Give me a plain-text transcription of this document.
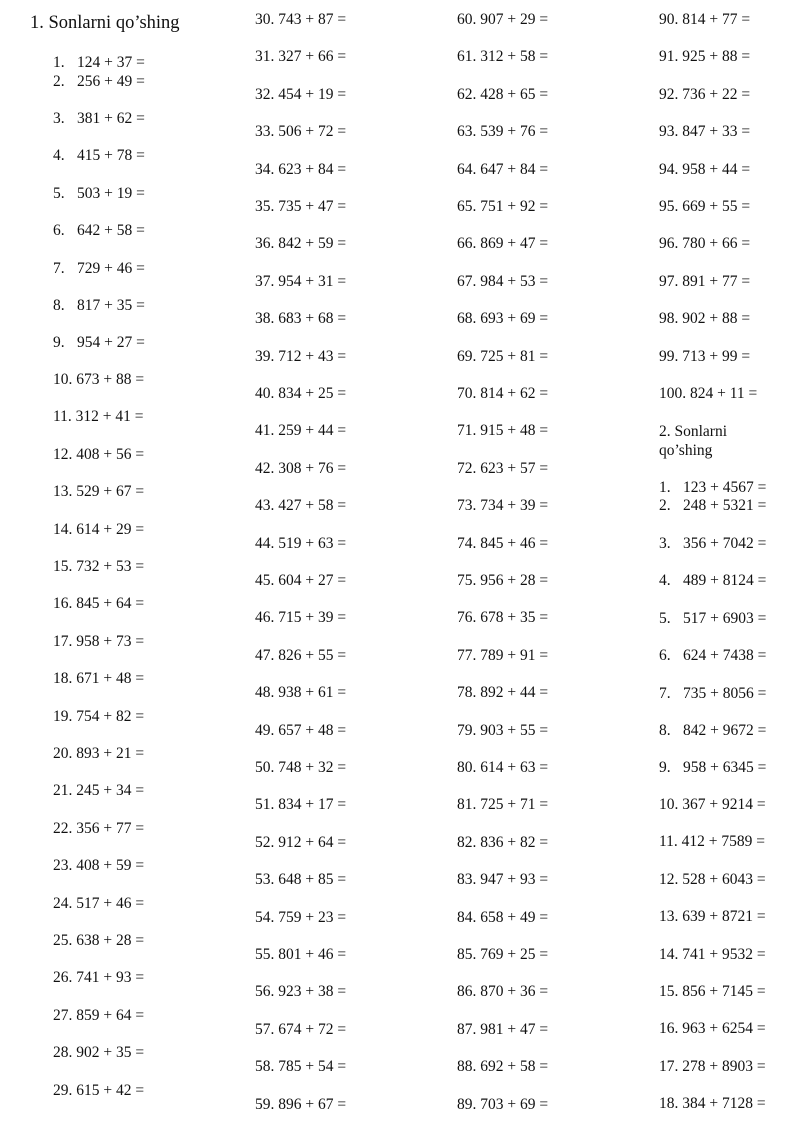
1. Sonlarni qo’shing
1. 124 + 37 =
2. 256 + 49 =
3. 381 + 62 =
4. 415 + 78 =
5. 503 + 19 =
6. 642 + 58 =
7. 729 + 46 =
8. 817 + 35 =
9. 954 + 27 =
10. 673 + 88 =
11. 312 + 41 =
12. 408 + 56 =
13. 529 + 67 =
14. 614 + 29 =
15. 732 + 53 =
16. 845 + 64 =
17. 958 + 73 =
18. 671 + 48 =
19. 754 + 82 =
20. 893 + 21 =
21. 245 + 34 =
22. 356 + 77 =
23. 408 + 59 =
24. 517 + 46 =
25. 638 + 28 =
26. 741 + 93 =
27. 859 + 64 =
28. 902 + 35 =
29. 615 + 42 =
30. 743 + 87 =
31. 327 + 66 =
32. 454 + 19 =
33. 506 + 72 =
34. 623 + 84 =
35. 735 + 47 =
36. 842 + 59 =
37. 954 + 31 =
38. 683 + 68 =
39. 712 + 43 =
40. 834 + 25 =
41. 259 + 44 =
42. 308 + 76 =
43. 427 + 58 =
44. 519 + 63 =
45. 604 + 27 =
46. 715 + 39 =
47. 826 + 55 =
48. 938 + 61 =
49. 657 + 48 =
50. 748 + 32 =
51. 834 + 17 =
52. 912 + 64 =
53. 648 + 85 =
54. 759 + 23 =
55. 801 + 46 =
56. 923 + 38 =
57. 674 + 72 =
58. 785 + 54 =
59. 896 + 67 =
60. 907 + 29 =
61. 312 + 58 =
62. 428 + 65 =
63. 539 + 76 =
64. 647 + 84 =
65. 751 + 92 =
66. 869 + 47 =
67. 984 + 53 =
68. 693 + 69 =
69. 725 + 81 =
70. 814 + 62 =
71. 915 + 48 =
72. 623 + 57 =
73. 734 + 39 =
74. 845 + 46 =
75. 956 + 28 =
76. 678 + 35 =
77. 789 + 91 =
78. 892 + 44 =
79. 903 + 55 =
80. 614 + 63 =
81. 725 + 71 =
82. 836 + 82 =
83. 947 + 93 =
84. 658 + 49 =
85. 769 + 25 =
86. 870 + 36 =
87. 981 + 47 =
88. 692 + 58 =
89. 703 + 69 =
2. Sonlarni
qo’shing
90. 814 + 77 =
91. 925 + 88 =
92. 736 + 22 =
93. 847 + 33 =
94. 958 + 44 =
95. 669 + 55 =
96. 780 + 66 =
97. 891 + 77 =
98. 902 + 88 =
99. 713 + 99 =
100. 824 + 11 =
1. 123 + 4567 =
2. 248 + 5321 =
3. 356 + 7042 =
4. 489 + 8124 =
5. 517 + 6903 =
6. 624 + 7438 =
7. 735 + 8056 =
8. 842 + 9672 =
9. 958 + 6345 =
10. 367 + 9214 =
11. 412 + 7589 =
12. 528 + 6043 =
13. 639 + 8721 =
14. 741 + 9532 =
15. 856 + 7145 =
16. 963 + 6254 =
17. 278 + 8903 =
18. 384 + 7128 =
